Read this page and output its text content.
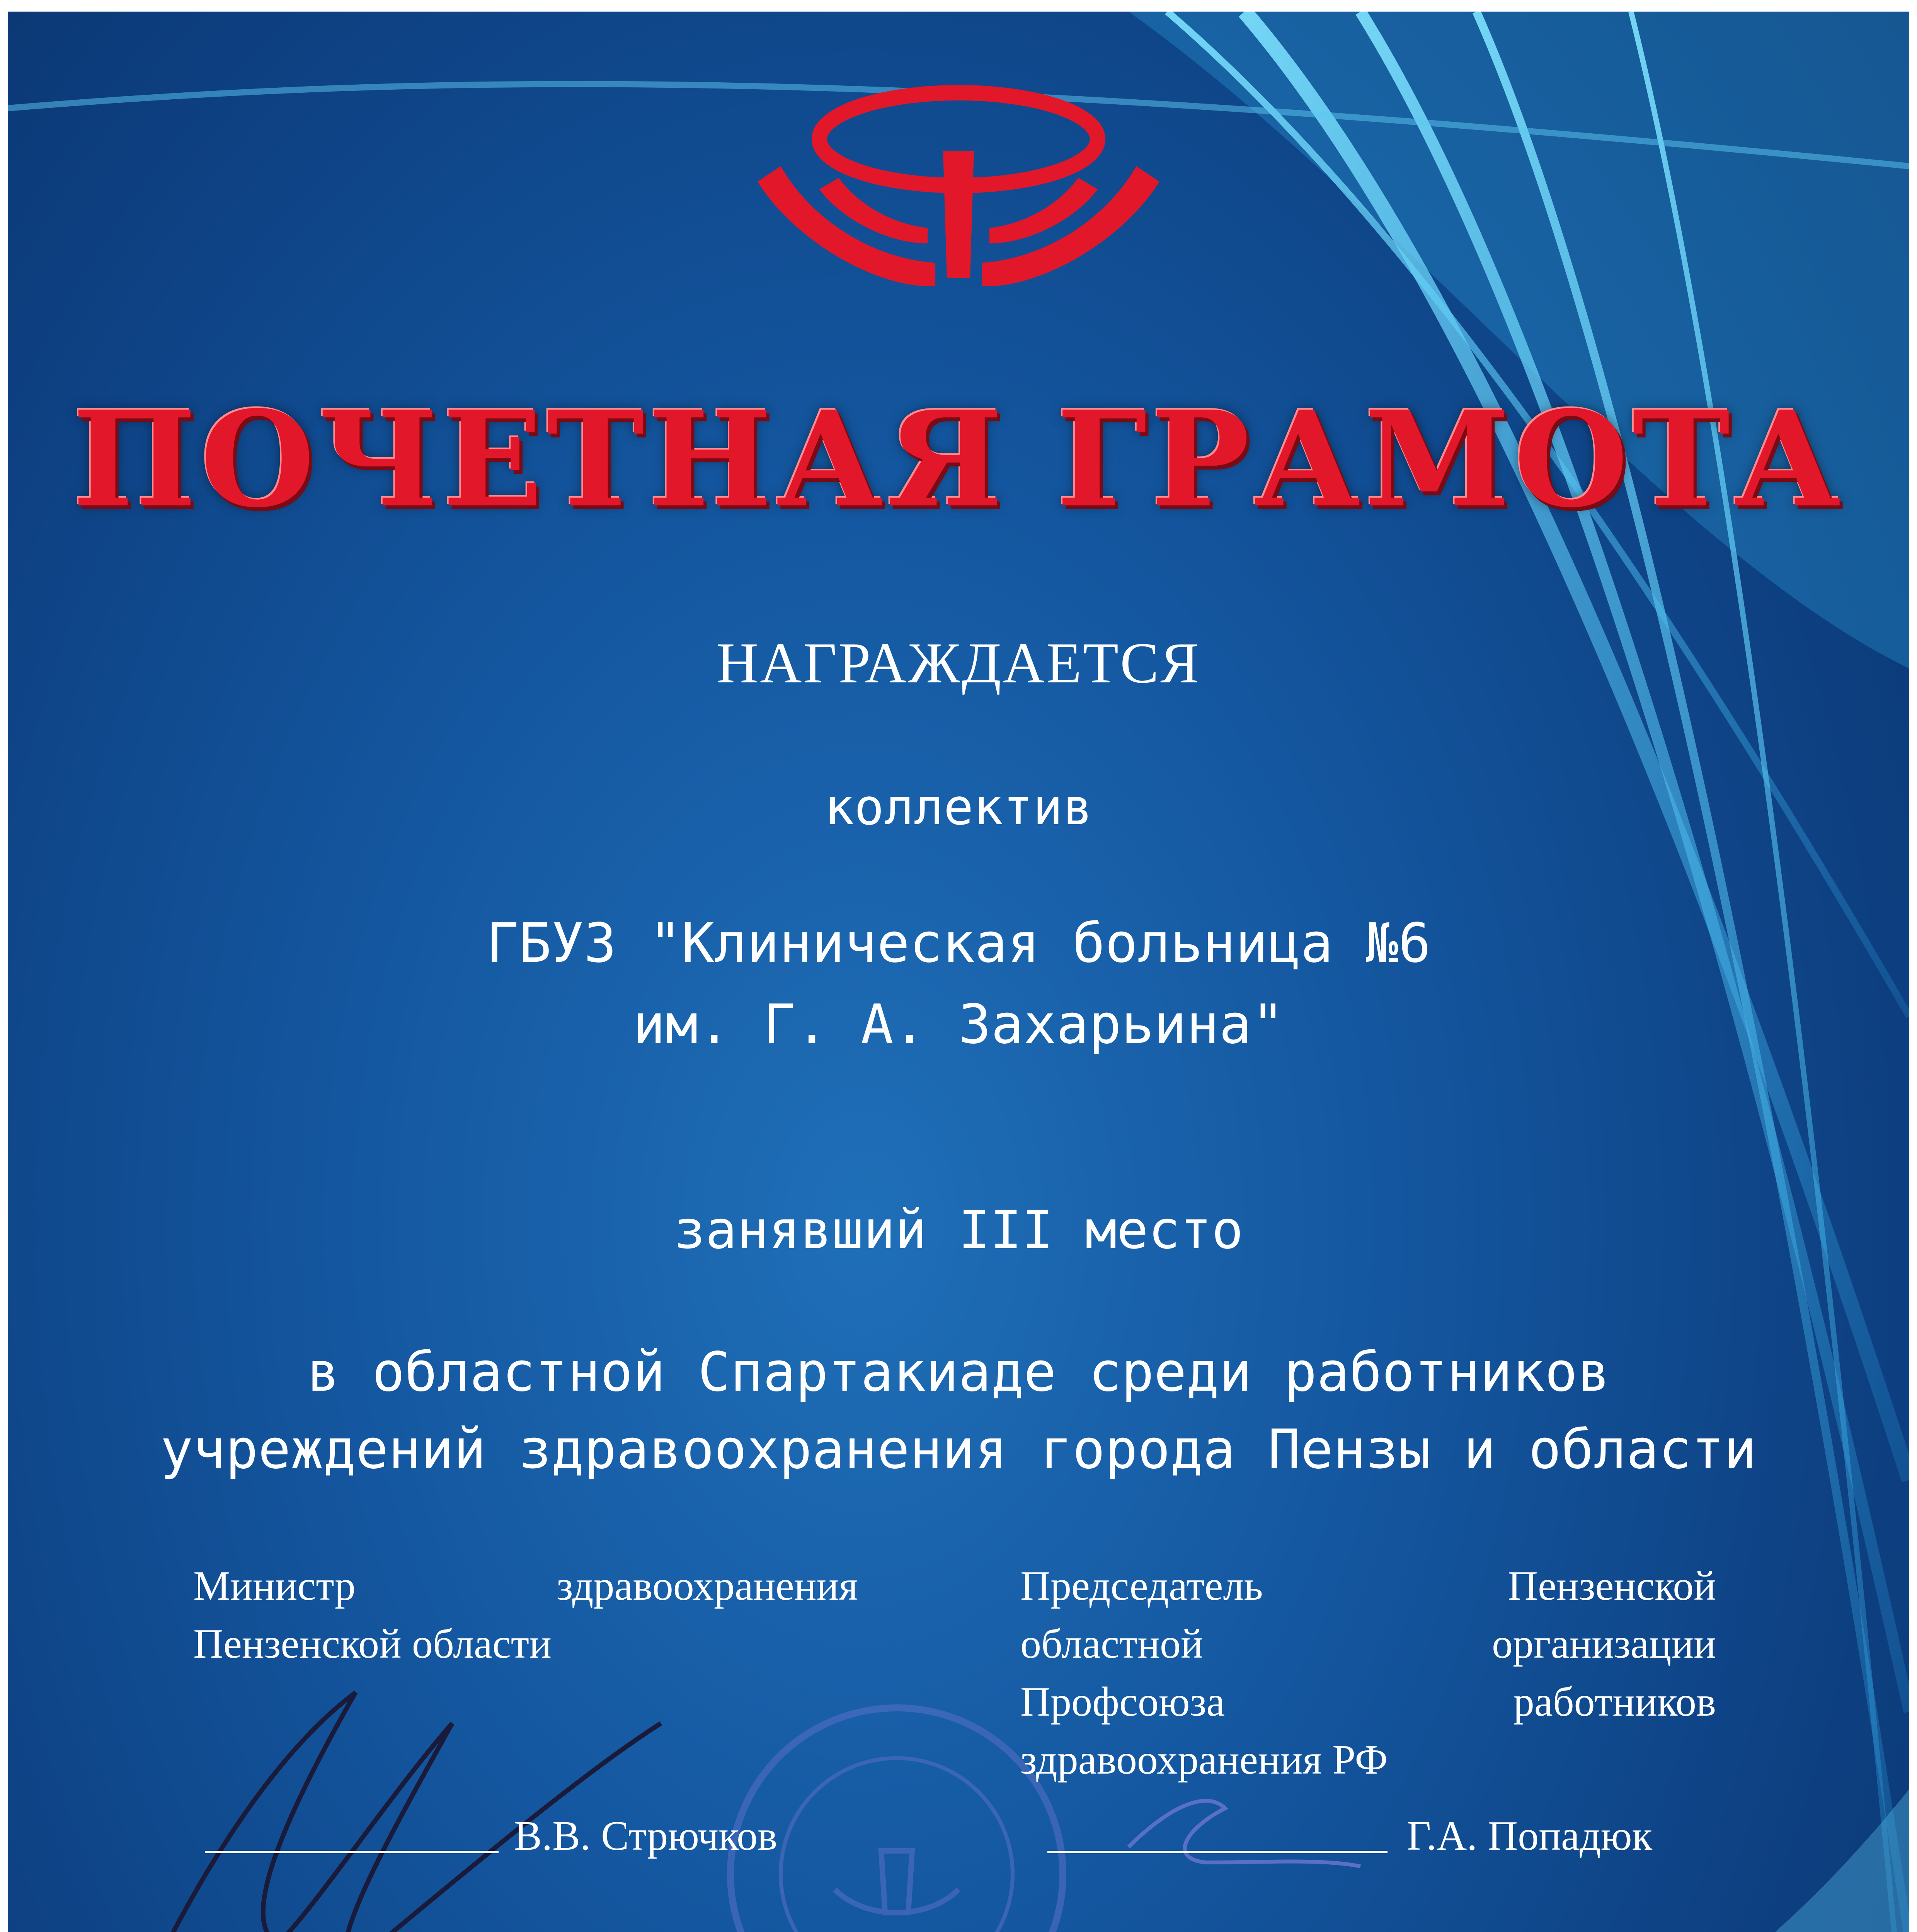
ПОЧЕТНАЯ ГРАМОТА
НАГРАЖДАЕТСЯ
коллектив
ГБУЗ "Клиническая больница №6
им. Г. А. Захарьина"
занявший III место
в областной Спартакиаде среди работников
учреждений здравоохранения города Пензы и области
Министр	здравоохранения
Пензенской области
Председатель	Пензенской
областной	организации
Профсоюза	работников
здравоохранения РФ
В.В. Стрючков	Г.А. Попадюк
